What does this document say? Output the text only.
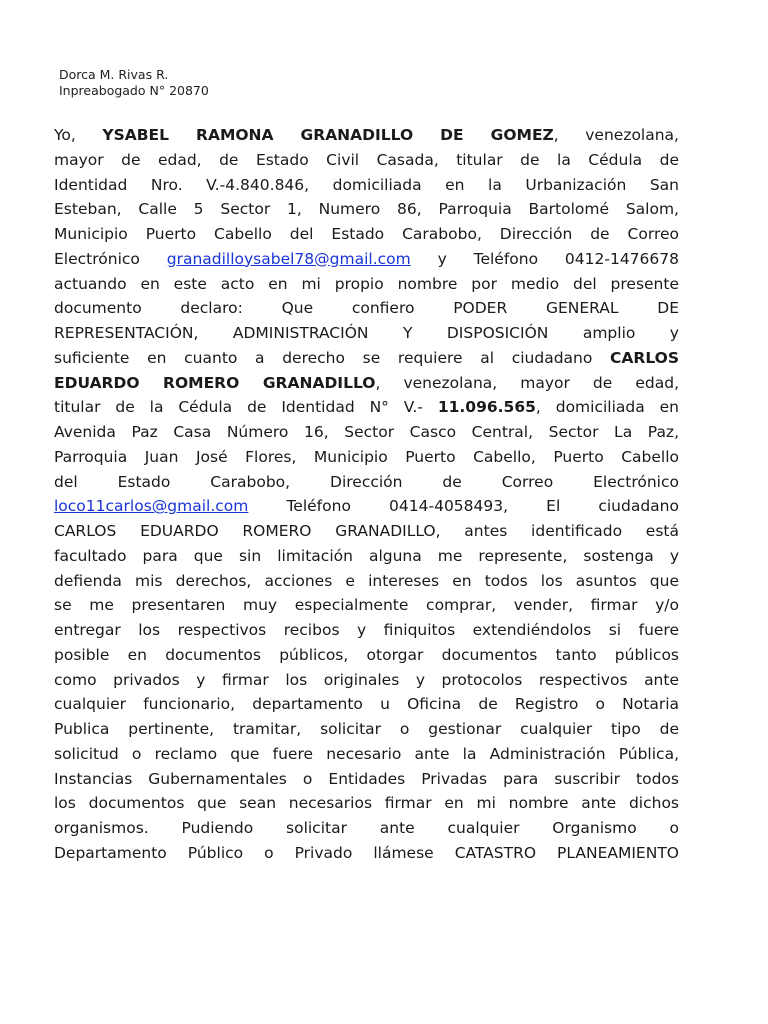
Dorca M. Rivas R.
Inpreabogado N° 20870
Yo, YSABEL RAMONA GRANADILLO DE GOMEZ, venezolana,
mayor de edad, de Estado Civil Casada, titular de la Cédula de
Identidad Nro. V.-4.840.846, domiciliada en la Urbanización San
Esteban, Calle 5 Sector 1, Numero 86, Parroquia Bartolomé Salom,
Municipio Puerto Cabello del Estado Carabobo, Dirección de Correo
Electrónico granadilloysabel78@gmail.com y Teléfono 0412-1476678
actuando en este acto en mi propio nombre por medio del presente
documento declaro: Que confiero PODER GENERAL DE
REPRESENTACIÓN, ADMINISTRACIÓN Y DISPOSICIÓN amplio y
suficiente en cuanto a derecho se requiere al ciudadano CARLOS
EDUARDO ROMERO GRANADILLO, venezolana, mayor de edad,
titular de la Cédula de Identidad N° V.- 11.096.565, domiciliada en
Avenida Paz Casa Número 16, Sector Casco Central, Sector La Paz,
Parroquia Juan José Flores, Municipio Puerto Cabello, Puerto Cabello
del Estado Carabobo, Dirección de Correo Electrónico
loco11carlos@gmail.com Teléfono 0414-4058493, El ciudadano
CARLOS EDUARDO ROMERO GRANADILLO, antes identificado está
facultado para que sin limitación alguna me represente, sostenga y
defienda mis derechos, acciones e intereses en todos los asuntos que
se me presentaren muy especialmente comprar, vender, firmar y/o
entregar los respectivos recibos y finiquitos extendiéndolos si fuere
posible en documentos públicos, otorgar documentos tanto públicos
como privados y firmar los originales y protocolos respectivos ante
cualquier funcionario, departamento u Oficina de Registro o Notaria
Publica pertinente, tramitar, solicitar o gestionar cualquier tipo de
solicitud o reclamo que fuere necesario ante la Administración Pública,
Instancias Gubernamentales o Entidades Privadas para suscribir todos
los documentos que sean necesarios firmar en mi nombre ante dichos
organismos. Pudiendo solicitar ante cualquier Organismo o
Departamento Público o Privado llámese CATASTRO PLANEAMIENTO
